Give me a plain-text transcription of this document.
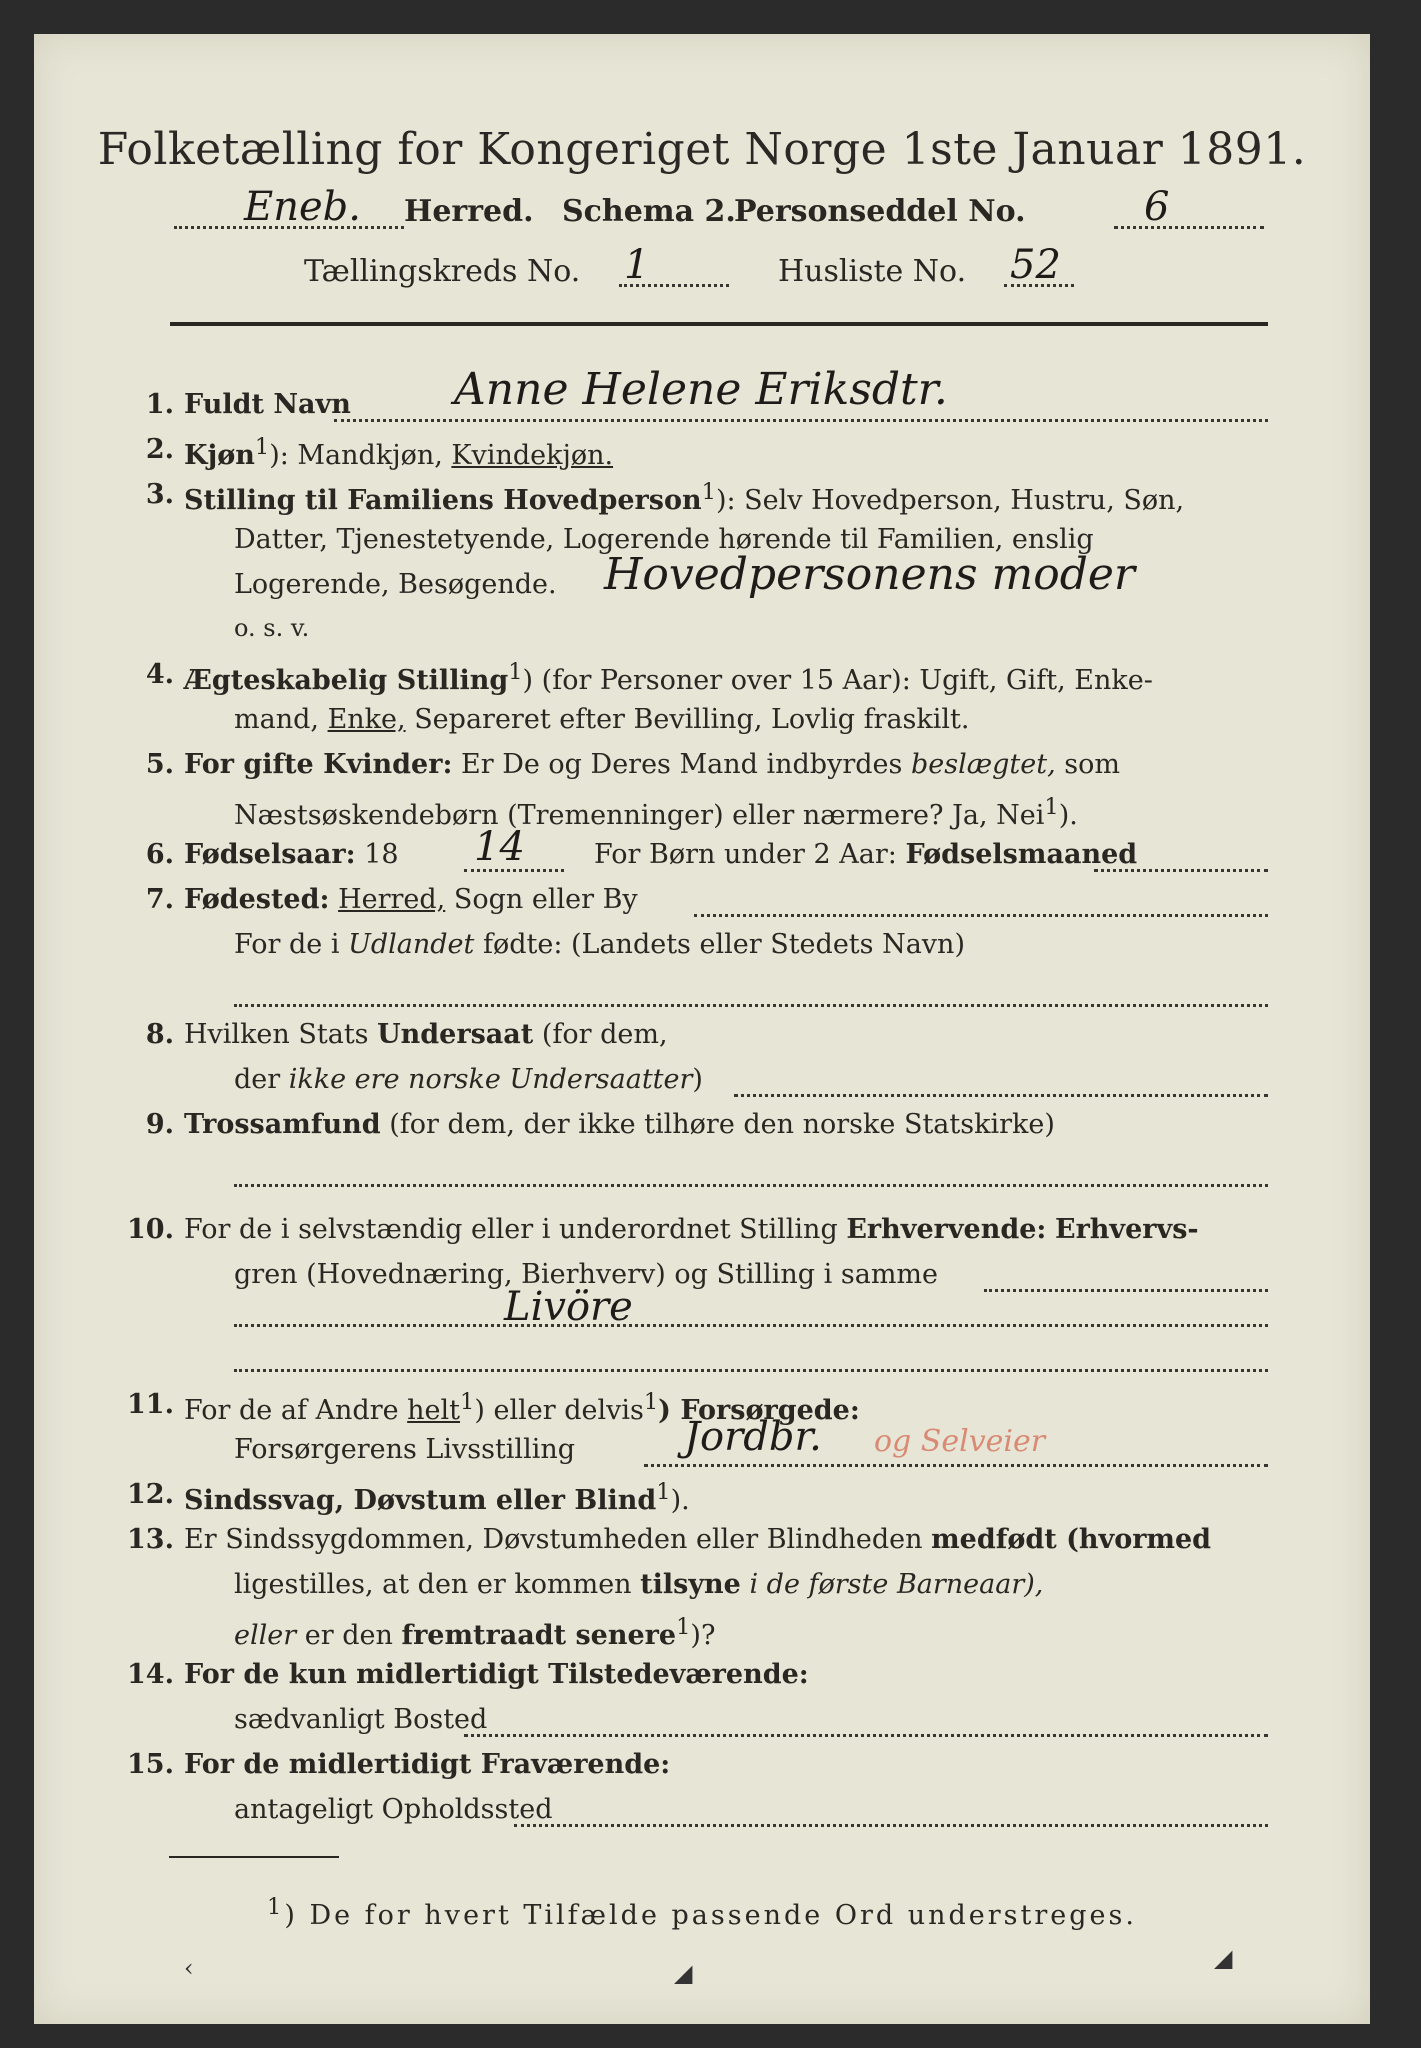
Folketælling for Kongeriget Norge 1ste Januar 1891.
Eneb. Herred. Schema 2.
Personseddel No.	6
Tællingskreds No. 1	Husliste No. 52
1. Fuldt Navn Anne Helene Eriksdtr.
2. Kjøn$^1$): Mandkjøn, Kvindekjøn.
3. Stilling til Familiens Hovedperson$^1$): Selv Hovedperson, Hustru, Søn,
Datter, Tjenestetyende, Logerende hørende til Familien, enslig
Logerende, Besøgende. Hovedpersonens moder
o. s. v.
4. Ægteskabelig Stilling$^1$) (for Personer over 15 Aar): Ugift, Gift, Enke-
mand, Enke, Separeret efter Bevilling, Lovlig fraskilt.
5. For gifte Kvinder: Er De og Deres Mand indbyrdes beslægtet, som
Næstsøskendebørn (Tremenninger) eller nærmere? Ja, Nei$^1$).
6. Fødselsaar: 18 14	For Børn under 2 Aar: Fødselsmaaned
7. Fødested: Herred, Sogn eller By
For de i Udlandet fødte: (Landets eller Stedets Navn)
8. Hvilken Stats Undersaat (for dem,
der ikke ere norske Undersaatter)
9. Trossamfund (for dem, der ikke tilhøre den norske Statskirke)
10. For de i selvstændig eller i underordnet Stilling Erhvervende: Erhvervs-
gren (Hovednæring, Bierhverv) og Stilling i samme
Livöre
11. For de af Andre helt$^1$) eller delvis$^1$) Forsørgede:
Forsørgerens Livsstilling	Jordbr. og Selveier
12. Sindssvag, Døvstum eller Blind$^1$).
13. Er Sindssygdommen, Døvstumheden eller Blindheden medfødt (hvormed
ligestilles, at den er kommen tilsyne i de første Barneaar),
eller er den fremtraadt senere$^1$)?
14. For de kun midlertidigt Tilstedeværende:
sædvanligt Bosted
15. For de midlertidigt Fraværende:
antageligt Opholdssted
$^1$) De for hvert Tilfælde passende Ord understreges.
‹	◢
◢
